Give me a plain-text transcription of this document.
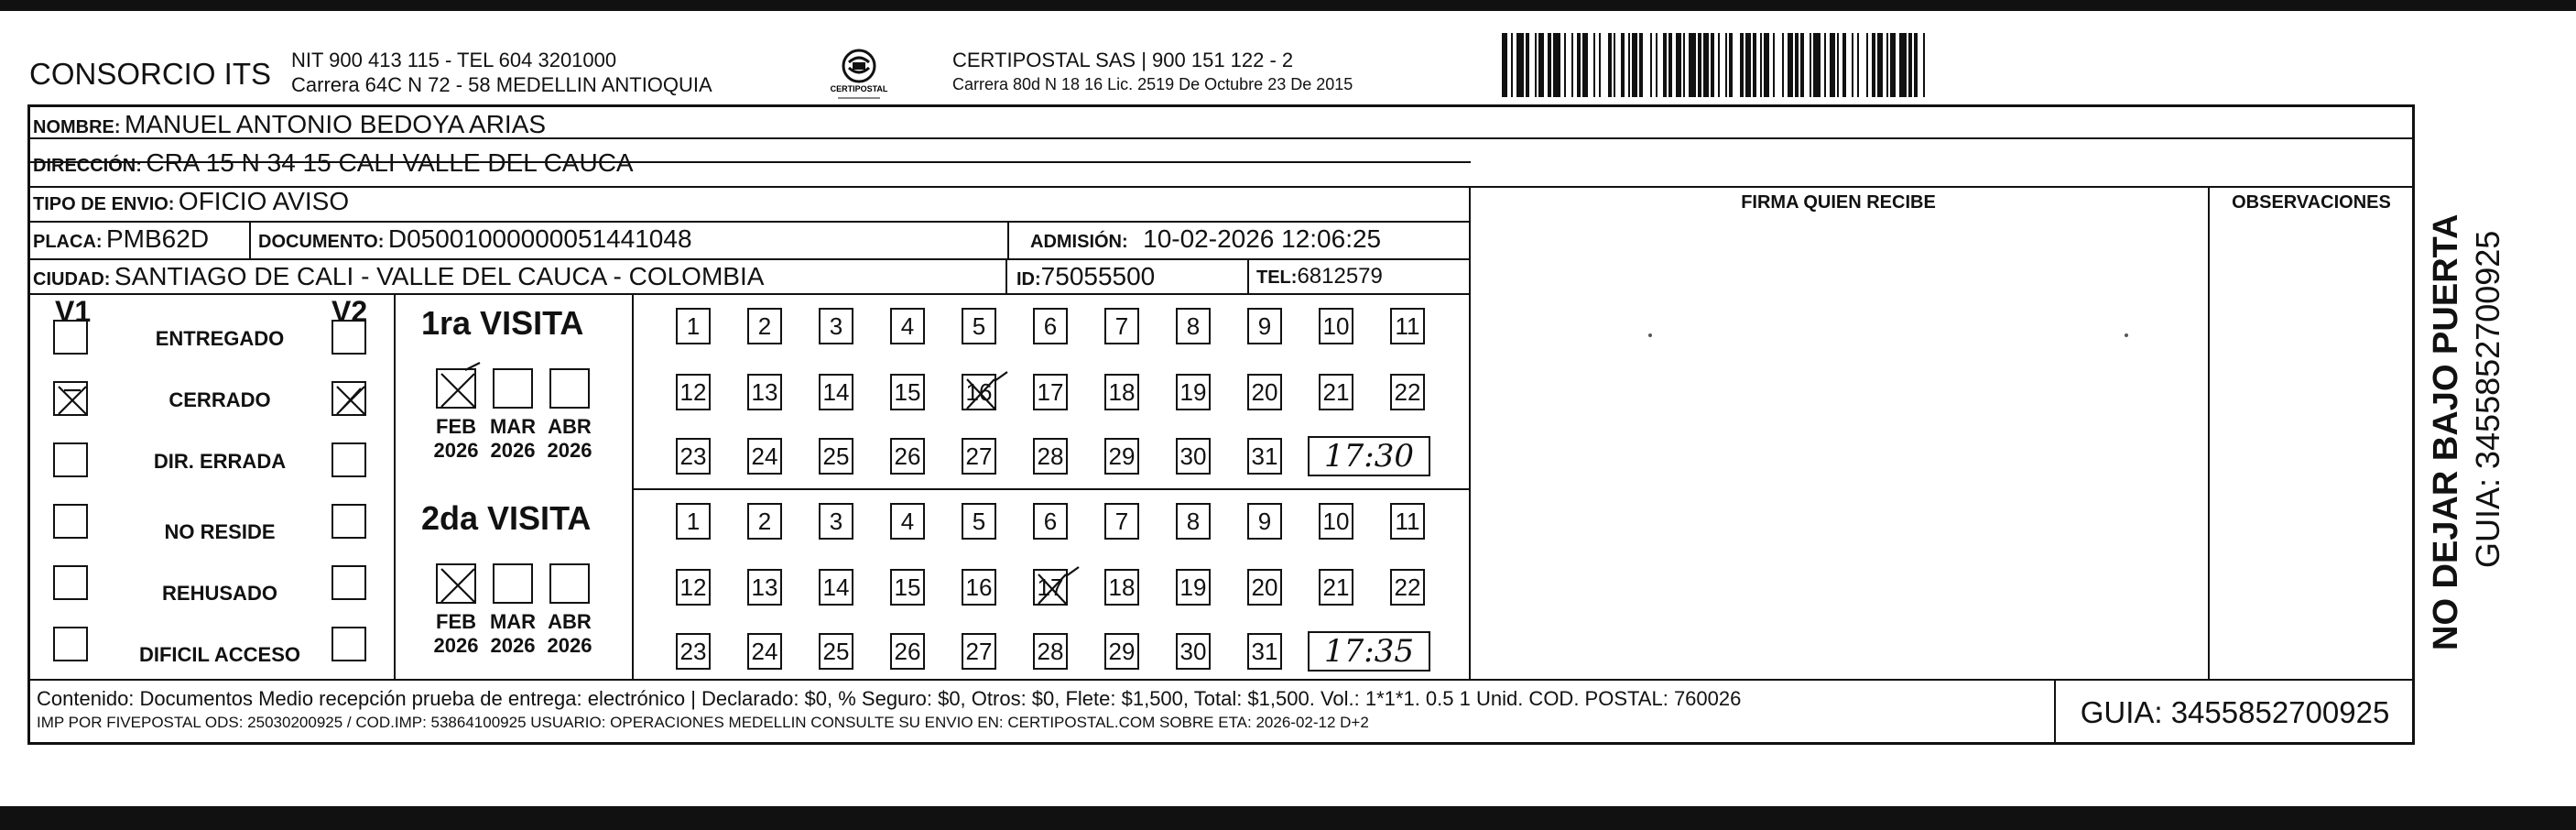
CONSORCIO ITS NIT 900 413 115 - TEL 604 3201000
Carrera 64C N 72 - 58 MEDELLIN ANTIOQUIA	CERTIPOSTAL
CERTIPOSTAL SAS | 900 151 122 - 2
Carrera 80d N 18 16 Lic. 2519 De Octubre 23 De 2015
NOMBRE: MANUEL ANTONIO BEDOYA ARIAS
DIRECCIÓN: CRA 15 N 34 15 CALI VALLE DEL CAUCA
TIPO DE ENVIO: OFICIO AVISO
PLACA: PMB62D	DOCUMENTO: D05001000000051441048	ADMISIÓN: 10-02-2026 12:06:25
CIUDAD: SANTIAGO DE CALI - VALLE DEL CAUCA - COLOMBIA	ID:75055500	TEL:6812579
FIRMA QUIEN RECIBE	OBSERVACIONES
V1	V2
ENTREGADO
CERRADO
DIR. ERRADA
NO RESIDE
REHUSADO
DIFICIL ACCESO
1ra VISITA
FEB
2026
MAR
2026
ABR
2026
1	2	3	4	5	6	7	8	9	10 11
12 13 14 15 16 17 18 19 20 21 22
23 24 25 26 27 28 29 30 31	17:30
2da VISITA
FEB
2026
MAR
2026
ABR
2026
1	2	3	4	5	6	7	8	9	10 11
12 13 14 15 16 17 18 19 20 21 22
23 24 25 26 27 28 29 30 31	17:35
Contenido: Documentos Medio recepción prueba de entrega: electrónico | Declarado: $0, % Seguro: $0, Otros: $0, Flete: $1,500, Total: $1,500. Vol.: 1*1*1. 0.5 1 Unid. COD. POSTAL: 760026
IMP POR FIVEPOSTAL ODS: 25030200925 / COD.IMP: 53864100925 USUARIO: OPERACIONES MEDELLIN CONSULTE SU ENVIO EN: CERTIPOSTAL.COM SOBRE ETA: 2026-02-12 D+2	GUIA: 3455852700925
NO DEJAR BAJO PUERTA GUIA: 3455852700925
